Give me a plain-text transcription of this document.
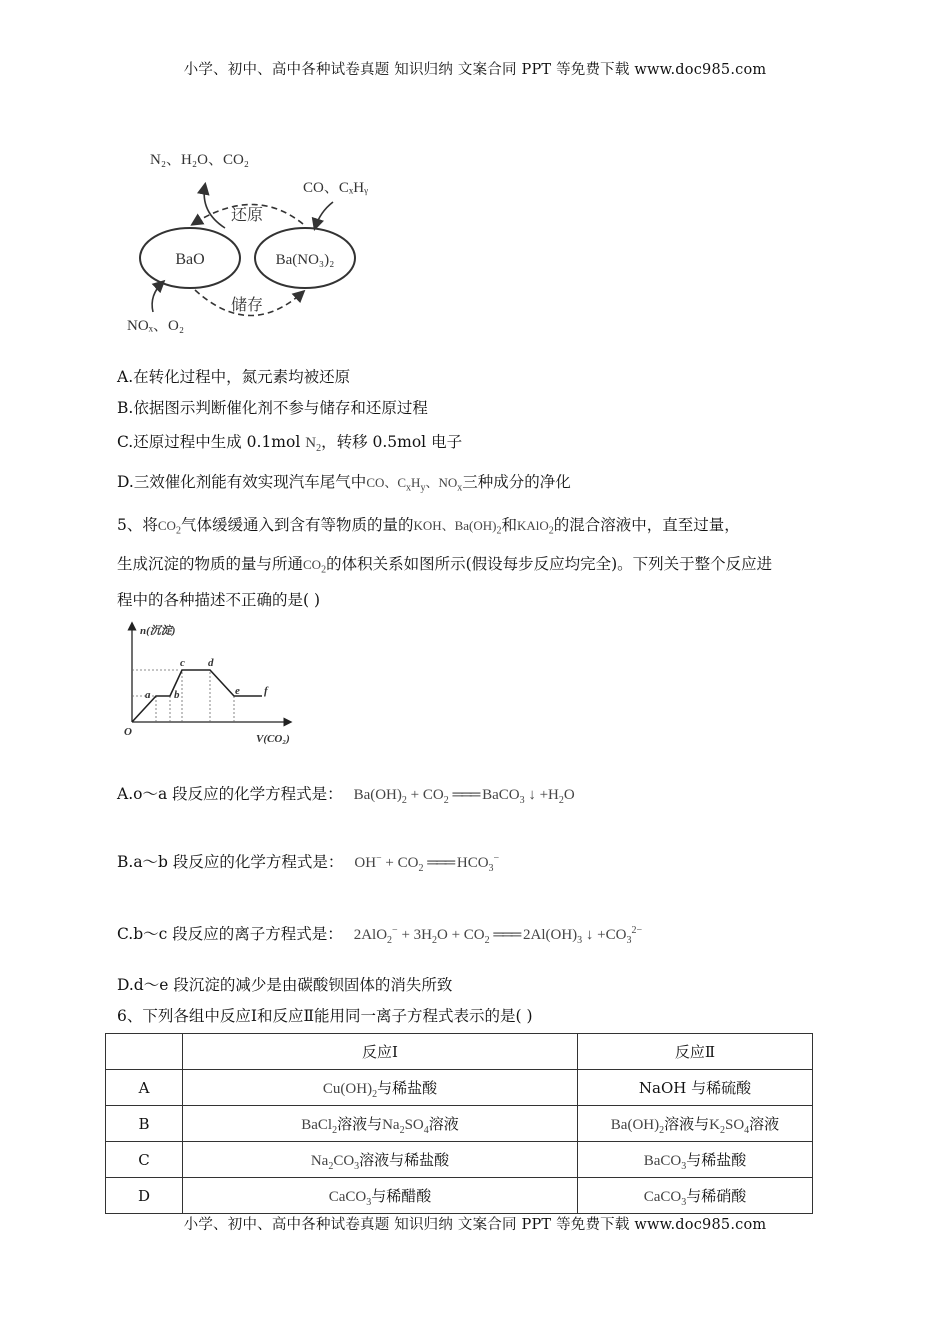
小学、初中、高中各种试卷真题 知识归纳 文案合同 PPT 等免费下载 www.doc985.com
BaO	Ba(NO₃)₂
还原
储存
N₂、H₂O、CO₂
CO、CₓHᵧ
NOₓ、O₂
A.在转化过程中，氮元素均被还原
B.依据图示判断催化剂不参与储存和还原过程
C.还原过程中生成 0.1mol $N_2$，转移 0.5mol 电子
D.三效催化剂能有效实现汽车尾气中CO、$C_xH_y$、$NO_x$三种成分的净化
5、将$CO_2$气体缓缓通入到含有等物质的量的KOH、$Ba(OH)_2$和KAlO$_2$的混合溶液中，直至过量，
生成沉淀的物质的量与所通$CO_2$的体积关系如图所示(假设每步反应均完全)。下列关于整个反应进
程中的各种描述不正确的是( )
n(沉淀)
V(CO₂)
O
a b
c d
e f
A.o～a 段反应的化学方程式是： $Ba(OH)_2 + CO_2$ ═══ BaCO$_3$ ↓ $+H_2O$
B.a～b 段反应的化学方程式是： $OH^- + CO_2$ ═══ $HCO_3^-$
C.b～c 段反应的离子方程式是： $2AlO_2^- + 3H_2O + CO_2$ ═══ $2Al(OH)_3$ ↓ $+CO_3^{2-}$
D.d～e 段沉淀的减少是由碳酸钡固体的消失所致
6、下列各组中反应Ⅰ和反应Ⅱ能用同一离子方程式表示的是( )
	反应Ⅰ	反应Ⅱ
A	$Cu(OH)_2$与稀盐酸	NaOH 与稀硫酸
B	BaCl$_2$溶液与$Na_2SO_4$溶液	$Ba(OH)_2$溶液与$K_2SO_4$溶液
C	$Na_2CO_3$溶液与稀盐酸	BaCO$_3$与稀盐酸
D	CaCO$_3$与稀醋酸	CaCO$_3$与稀硝酸
小学、初中、高中各种试卷真题 知识归纳 文案合同 PPT 等免费下载 www.doc985.com
